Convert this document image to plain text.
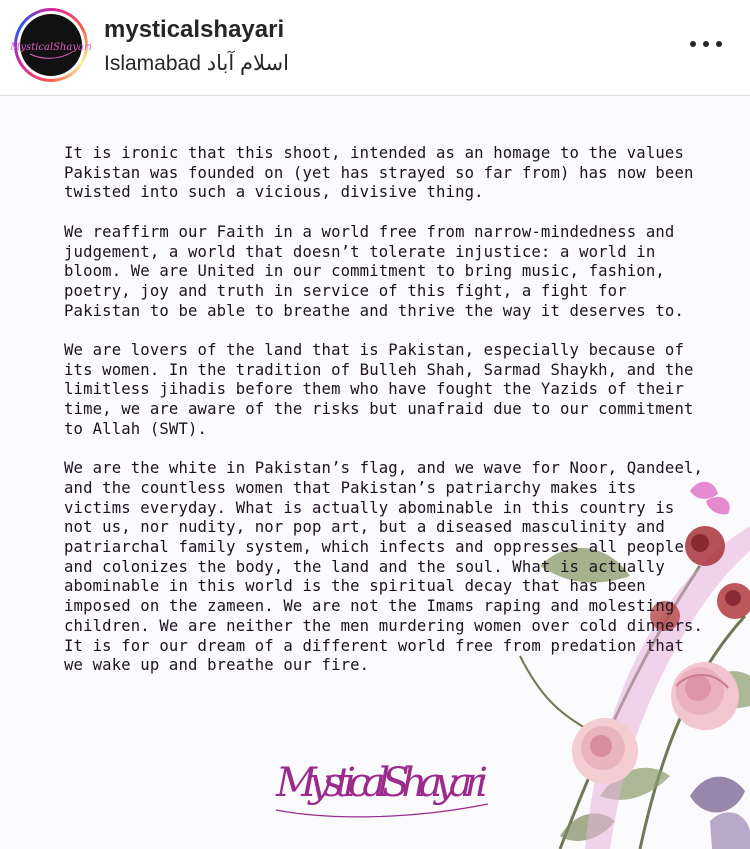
MysticalShayari
mysticalshayari
Islamabad اسلام آباد

It is ironic that this shoot, intended as an homage to the values Pakistan was founded on (yet has strayed so far from) has now been twisted into such a vicious, divisive thing.

We reaffirm our Faith in a world free from narrow-mindedness and judgement, a world that doesn’t tolerate injustice: a world in bloom. We are United in our commitment to bring music, fashion, poetry, joy and truth in service of this fight, a fight for Pakistan to be able to breathe and thrive the way it deserves to.

We are lovers of the land that is Pakistan, especially because of its women. In the tradition of Bulleh Shah, Sarmad Shaykh, and the limitless jihadis before them who have fought the Yazids of their time, we are aware of the risks but unafraid due to our commitment to Allah (SWT).

We are the white in Pakistan’s flag, and we wave for Noor, Qandeel, and the countless women that Pakistan’s patriarchy makes its victims everyday. What is actually abominable in this country is not us, nor nudity, nor pop art, but a diseased masculinity and patriarchal family system, which infects and oppresses all people and colonizes the body, the land and the soul. What is actually abominable in this world is the spiritual decay that has been imposed on the zameen. We are not the Imams raping and molesting children. We are neither the men murdering women over cold dinners. It is for our dream of a different world free from predation that we wake up and breathe our fire.

MysticalShayari
